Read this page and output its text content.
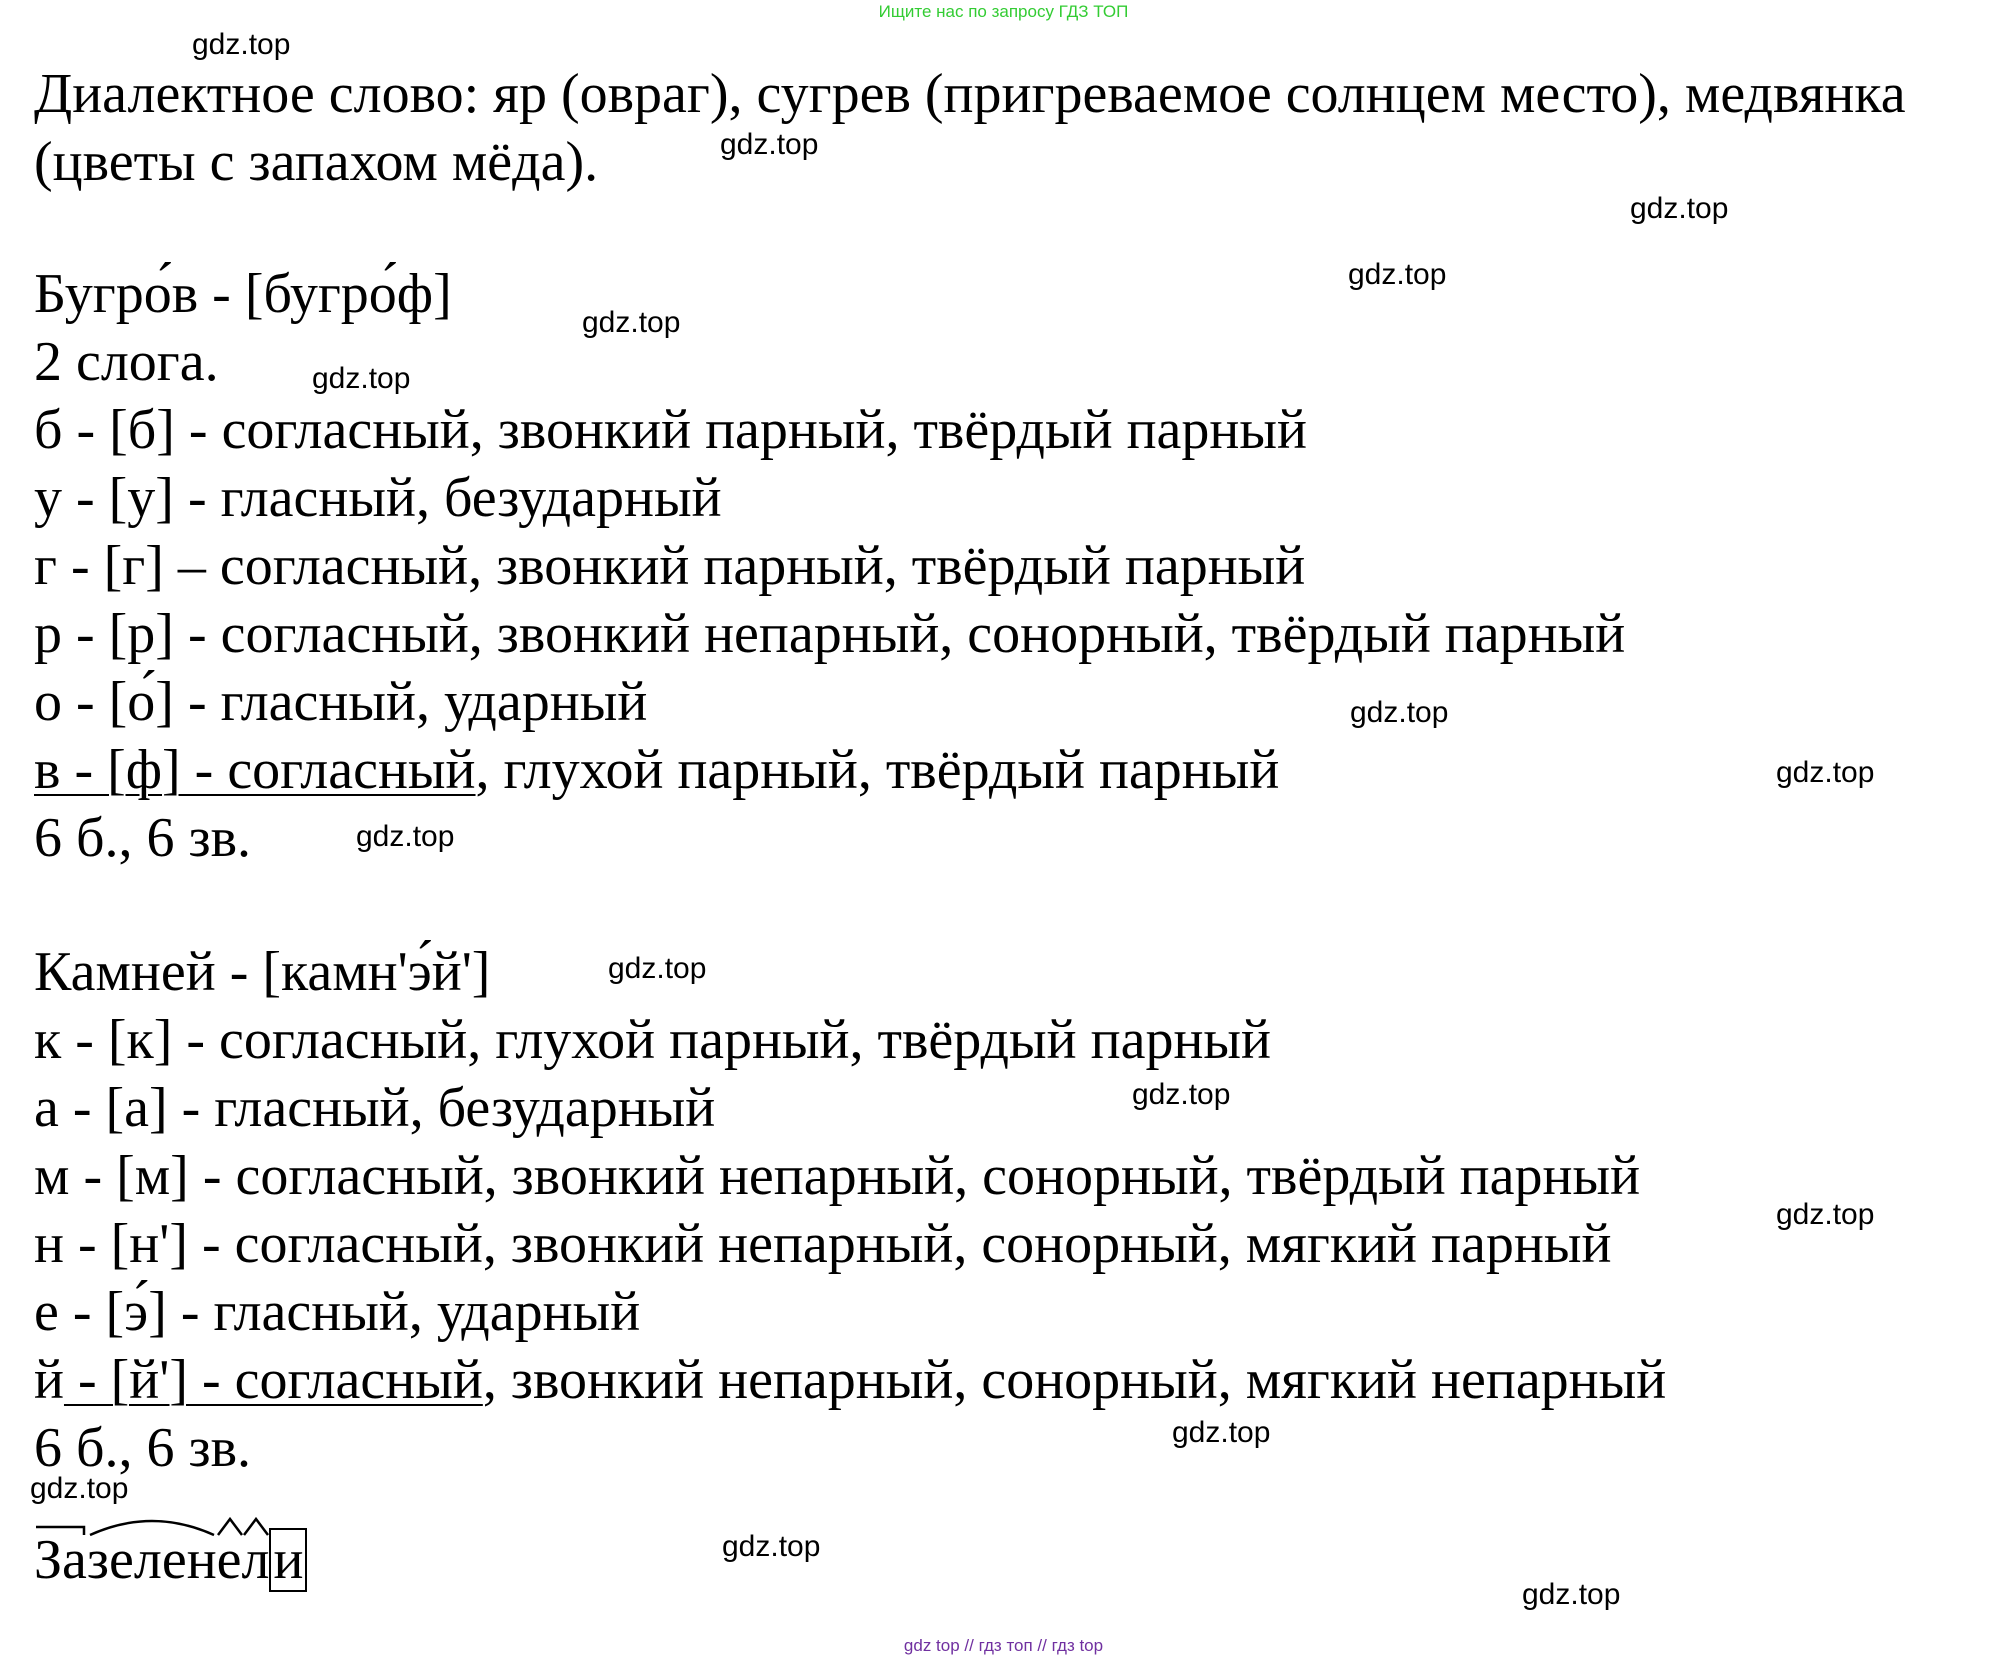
Ищите нас по запросу ГДЗ ТОП
gdz top // гдз топ // гдз top
Диалектное слово: яр (овраг), сугрев (пригреваемое солнцем место), медвянка
(цветы с запахом мёда).
Бугро́в - [бугро́ф]
2 слога.
б - [б] - согласный, звонкий парный, твёрдый парный
у - [у] - гласный, безударный
г - [г] – согласный, звонкий парный, твёрдый парный
р - [р] - согласный, звонкий непарный, сонорный, твёрдый парный
о - [о́] - гласный, ударный
в - [ф] - согласный, глухой парный, твёрдый парный
6 б., 6 зв.
Камней - [камн'э́й']
к - [к] - согласный, глухой парный, твёрдый парный
а - [а] - гласный, безударный
м - [м] - согласный, звонкий непарный, сонорный, твёрдый парный
н - [н'] - согласный, звонкий непарный, сонорный, мягкий парный
е - [э́] - гласный, ударный
й - [й'] - согласный, звонкий непарный, сонорный, мягкий непарный
6 б., 6 зв.
Зазеленели
gdz.top
gdz.top
gdz.top
gdz.top
gdz.top
gdz.top
gdz.top
gdz.top
gdz.top
gdz.top
gdz.top
gdz.top
gdz.top
gdz.top
gdz.top
gdz.top
